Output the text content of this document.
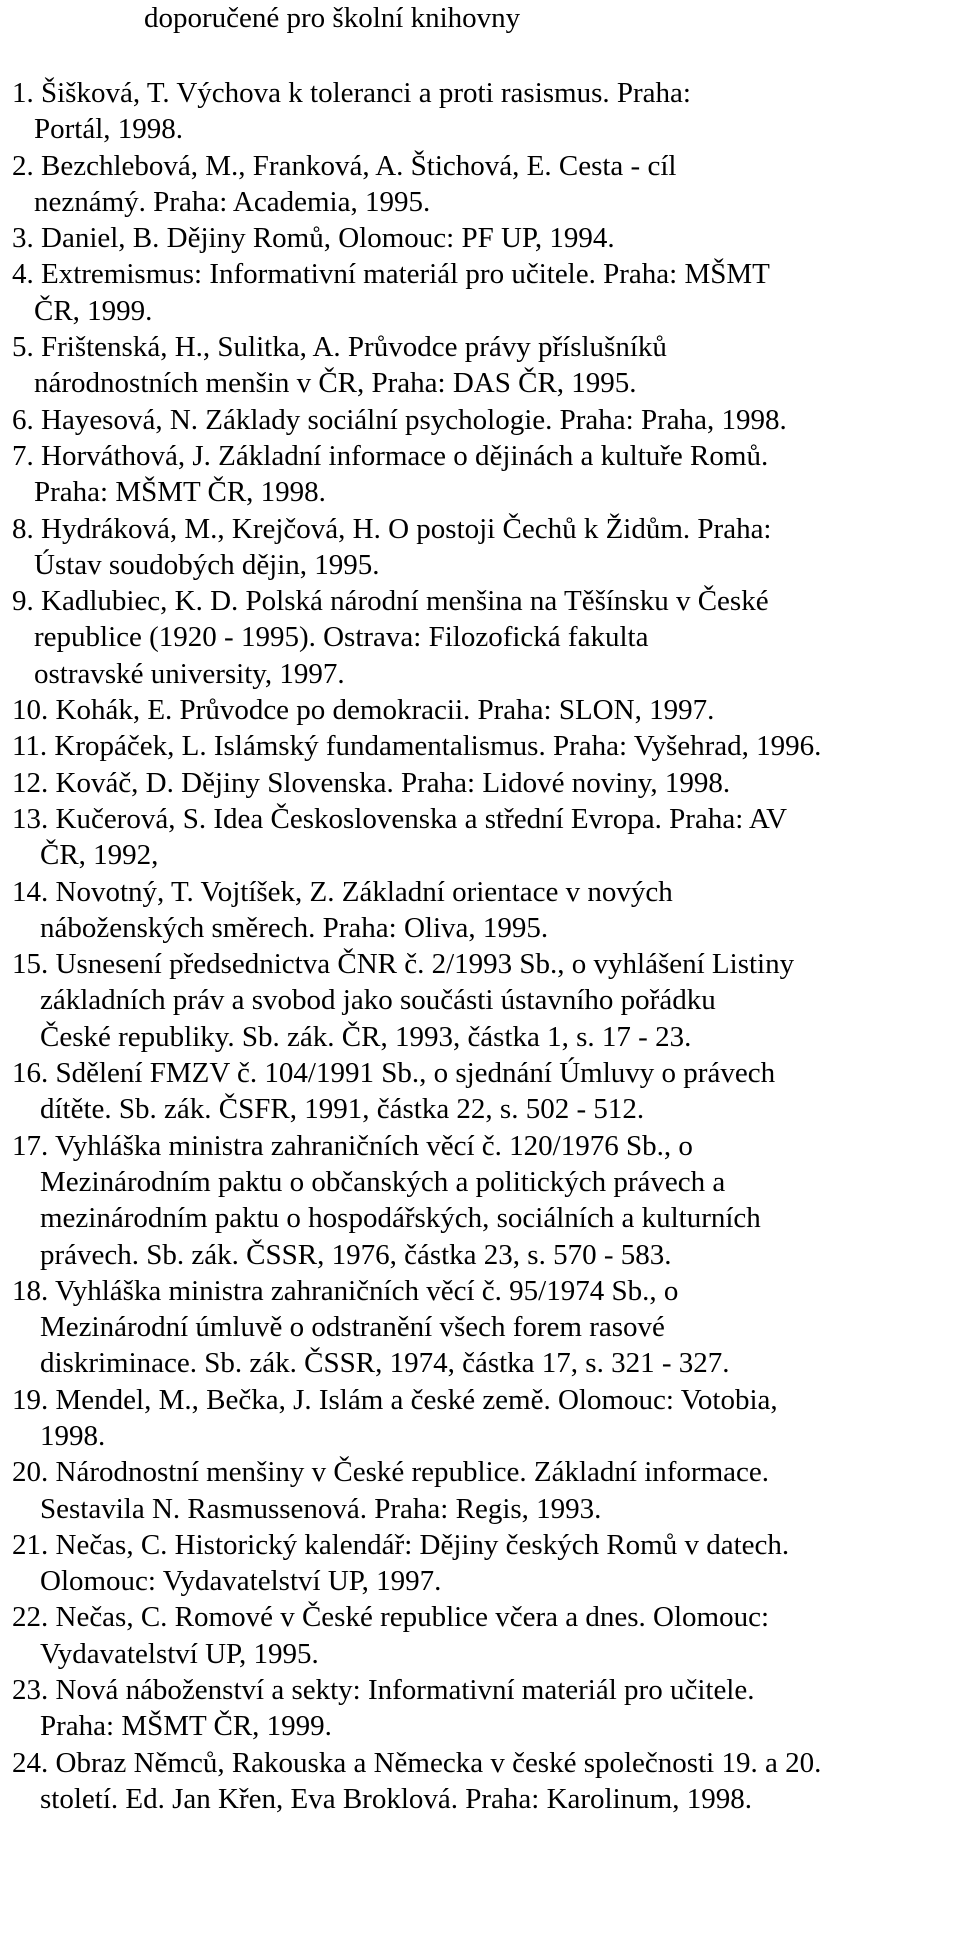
doporučené pro školní knihovny
1. Šišková, T. Výchova k toleranci a proti rasismus. Praha:
Portál, 1998.
2. Bezchlebová, M., Franková, A. Štichová, E. Cesta - cíl
neznámý. Praha: Academia, 1995.
3. Daniel, B. Dějiny Romů, Olomouc: PF UP, 1994.
4. Extremismus: Informativní materiál pro učitele. Praha: MŠMT
ČR, 1999.
5. Frištenská, H., Sulitka, A. Průvodce právy příslušníků
národnostních menšin v ČR, Praha: DAS ČR, 1995.
6. Hayesová, N. Základy sociální psychologie. Praha: Praha, 1998.
7. Horváthová, J. Základní informace o dějinách a kultuře Romů.
Praha: MŠMT ČR, 1998.
8. Hydráková, M., Krejčová, H. O postoji Čechů k Židům. Praha:
Ústav soudobých dějin, 1995.
9. Kadlubiec, K. D. Polská národní menšina na Těšínsku v České
republice (1920 - 1995). Ostrava: Filozofická fakulta
ostravské university, 1997.
10. Kohák, E. Průvodce po demokracii. Praha: SLON, 1997.
11. Kropáček, L. Islámský fundamentalismus. Praha: Vyšehrad, 1996.
12. Kováč, D. Dějiny Slovenska. Praha: Lidové noviny, 1998.
13. Kučerová, S. Idea Československa a střední Evropa. Praha: AV
ČR, 1992,
14. Novotný, T. Vojtíšek, Z. Základní orientace v nových
náboženských směrech. Praha: Oliva, 1995.
15. Usnesení předsednictva ČNR č. 2/1993 Sb., o vyhlášení Listiny
základních práv a svobod jako součásti ústavního pořádku
České republiky. Sb. zák. ČR, 1993, částka 1, s. 17 - 23.
16. Sdělení FMZV č. 104/1991 Sb., o sjednání Úmluvy o právech
dítěte. Sb. zák. ČSFR, 1991, částka 22, s. 502 - 512.
17. Vyhláška ministra zahraničních věcí č. 120/1976 Sb., o
Mezinárodním paktu o občanských a politických právech a
mezinárodním paktu o hospodářských, sociálních a kulturních
právech. Sb. zák. ČSSR, 1976, částka 23, s. 570 - 583.
18. Vyhláška ministra zahraničních věcí č. 95/1974 Sb., o
Mezinárodní úmluvě o odstranění všech forem rasové
diskriminace. Sb. zák. ČSSR, 1974, částka 17, s. 321 - 327.
19. Mendel, M., Bečka, J. Islám a české země. Olomouc: Votobia,
1998.
20. Národnostní menšiny v České republice. Základní informace.
Sestavila N. Rasmussenová. Praha: Regis, 1993.
21. Nečas, C. Historický kalendář: Dějiny českých Romů v datech.
Olomouc: Vydavatelství UP, 1997.
22. Nečas, C. Romové v České republice včera a dnes. Olomouc:
Vydavatelství UP, 1995.
23. Nová náboženství a sekty: Informativní materiál pro učitele.
Praha: MŠMT ČR, 1999.
24. Obraz Němců, Rakouska a Německa v české společnosti 19. a 20.
století. Ed. Jan Křen, Eva Broklová. Praha: Karolinum, 1998.
